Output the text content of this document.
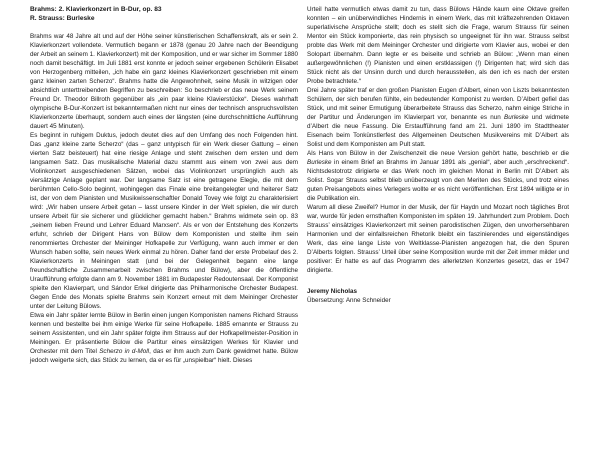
Brahms: 2. Klavierkonzert in B-Dur, op. 83

R. Strauss: Burleske

Brahms war 48 Jahre alt und auf der Höhe seiner künstlerischen Schaffenskraft, als er sein 2. Klavierkonzert vollendete. Vermutlich begann er 1878 (genau 20 Jahre nach der Beendigung der Arbeit an seinem 1. Klavierkonzert) mit der Komposition, und er war sicher im Sommer 1880 noch damit beschäftigt. Im Juli 1881 erst konnte er jedoch seiner ergebenen Schülerin Elisabet von Herzogenberg mitteilen, „ich habe ein ganz kleines Klavierkonzert geschrieben mit einem ganz kleinen zarten Scherzo“. Brahms hatte die Angewohnheit, seine Musik in witzigen oder absichtlich unterttreibenden Begriffen zu beschreiben: So beschrieb er das neue Werk seinem Freund Dr. Theodor Billroth gegenüber als „ein paar kleine Klavierstücke“. Dieses wahrhaft olympische B-Dur-Konzert ist bekanntermaßen nicht nur eines der technisch anspruchsvollsten Klavierkonzerte überhaupt, sondern auch eines der längsten (eine durchschnittliche Aufführung dauert 45 Minuten).

Es beginnt in ruhigem Duktus, jedoch deutet dies auf den Umfang des noch Folgenden hint. Das „ganz kleine zarte Scherzo“ (das – ganz untypisch für ein Werk dieser Gattung – einen vierten Satz beisteuert) hat eine riesige Anlage und steht zwischen dem ersten und dem langsamen Satz. Das musikalische Material dazu stammt aus einem von zwei aus dem Violinkonzert ausgeschiedenen Sätzen, wobei das Violinkonzert ursprünglich auch als viersätzige Anlage geplant war. Der langsame Satz ist eine getragene Elegie, die mit dem berühmten Cello-Solo beginnt, wohingegen das Finale eine breitangelegter und heiterer Satz ist, der von dem Pianisten und Musikwissenschaftler Donald Tovey wie folgt zu charakterisiert wird: „Wir haben unsere Arbeit getan – lasst unsere Kinder in der Welt spielen, die wir durch unsere Arbeit für sie sicherer und glücklicher gemacht haben.“ Brahms widmete sein op. 83 „seinem lieben Freund und Lehrer Eduard Marxsen“. Als er von der Entstehung des Konzerts erfuhr, schrieb der Dirigent Hans von Bülow dem Komponisten und stellte ihm sein renommiertes Orchester der Meininger Hofkapelle zur Verfügung, wann auch immer er den Wunsch haben sollte, sein neues Werk einmal zu hören. Daher fand der erste Probelauf des 2. Klavierkonzerts in Meiningen statt (und bei der Gelegenheit begann eine lange freundschaftliche Zusammenarbeit zwischen Brahms und Bülow), aber die öffentliche Uraufführung erfolgte dann am 9. November 1881 im Budapester Redoutensaal. Der Komponist spielte den Klavierpart, und Sándor Erkel dirigierte das Philharmonische Orchester Budapest. Gegen Ende des Monats spielte Brahms sein Konzert erneut mit dem Meininger Orchester unter der Leitung Bülows.

Etwa ein Jahr später lernte Bülow in Berlin einen jungen Komponisten namens Richard Strauss kennen und bestellte bei ihm einige Werke für seine Hofkapelle. 1885 ernannte er Strauss zu seinem Assistenten, und ein Jahr später folgte ihm Strauss auf der Hofkapellmeister-Position in Meiningen. Er präsentierte Bülow die Partitur eines einsätzigen Werkes für Klavier und Orchester mit dem Titel Scherzo in d-Moll, das er ihm auch zum Dank gewidmet hatte. Bülow jedoch weigerte sich, das Stück zu lernen, da er es für „unspielbar“ hielt. Dieses

Urteil hatte vermutlich etwas damit zu tun, dass Bülows Hände kaum eine Oktave greifen konnten – ein unüberwindliches Hindernis in einem Werk, das mit kräftezehrenden Oktaven superlativische Ansprüche stellt; doch es stellt sich die Frage, warum Strauss für seinen Mentor ein Stück komponierte, das rein physisch so ungeeignet für ihn war. Strauss selbst probte das Werk mit dem Meininger Orchester und dirigierte vom Klavier aus, wobei er den Solopart übernahm. Dann legte er es beiseite und schrieb an Bülow: „Wenn man einen außergewöhnlichen (!) Pianisten und einen erstklassigen (!) Dirigenten hat; wird sich das Stück nicht als der Unsinn durch und durch herausstellen, als den ich es nach der ersten Probe betrachtete.“

Drei Jahre später traf er den großen Pianisten Eugen d’Albert, einen von Liszts bekanntesten Schülern, der sich berufen fühlte, ein bedeutender Komponist zu werden. D’Albert gefiel das Stück, und mit seiner Ermutigung überarbeitete Strauss das Scherzo, nahm einige Striche in der Partitur und Änderungen im Klavierpart vor, benannte es nun Burleske und widmete d’Albert die neue Fassung. Die Erstaufführung fand am 21. Juni 1890 im Stadttheater Eisenach beim Tonkünstlerfest des Allgemeinen Deutschen Musikvereins mit D’Albert als Solist und dem Komponisten am Pult statt.

Als Hans von Bülow in der Zwischenzeit die neue Version gehört hatte, beschrieb er die Burleske in einem Brief an Brahms im Januar 1891 als „genial“, aber auch „erschreckend“. Nichtsdestotrotz dirigierte er das Werk noch im gleichen Monat in Berlin mit D’Albert als Solist. Sogar Strauss selbst blieb unüberzeugt von den Meriten des Stücks, und trotz eines guten Preisangebots eines Verlegers wollte er es nicht veröffentlichen. Erst 1894 willigte er in die Publikation ein.

Warum all diese Zweifel? Humor in der Musik, der für Haydn und Mozart noch tägliches Brot war, wurde für jeden ernsthaften Komponisten im späten 19. Jahrhundert zum Problem. Doch Strauss’ einsätziges Klavierkonzert mit seinen parodistischen Zügen, den unvorhersehbaren Harmonien und der einfallsreichen Rhetorik bleibt ein faszinierendes und eigenständiges Werk, das eine lange Liste von Weltklasse-Pianisten angezogen hat, die den Spuren D’Alberts folgten. Strauss’ Urteil über seine Komposition wurde mit der Zeit immer milder und positiver: Er hatte es auf das Programm des allerletzten Konzertes gesetzt, das er 1947 dirigierte.

Jeremy Nicholas

Übersetzung: Anne Schneider
